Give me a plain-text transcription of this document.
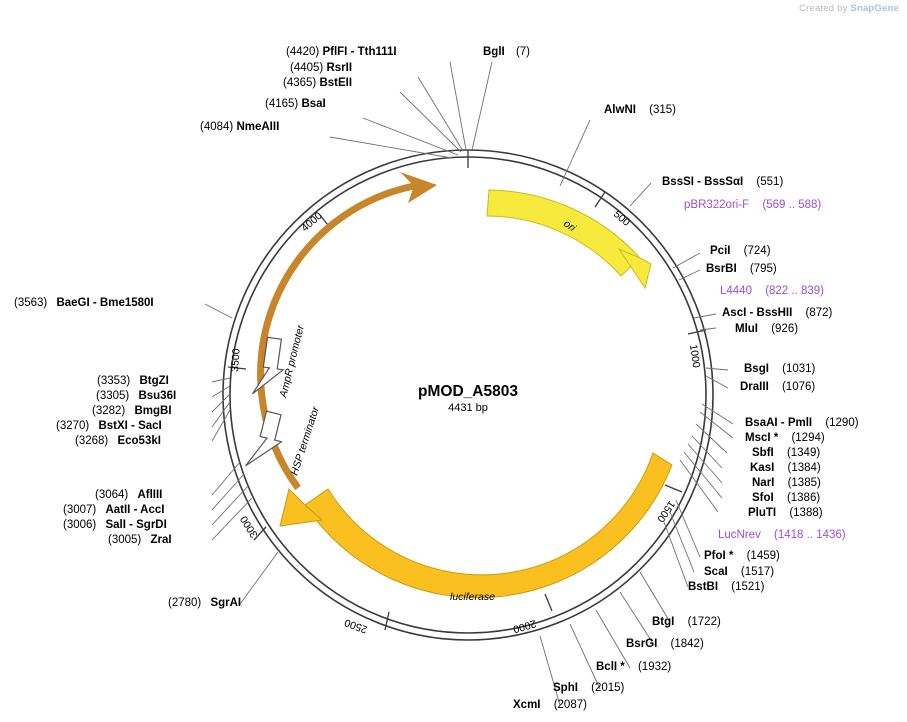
Created by SnapGene
500
1000
1500
2000
2500
3000
3500
4000	ori
luciferase
AmpR promoter
HSP terminator
pMOD_A5803
4431 bp
(4420) PflFI - Tth111I
(4405) RsrII
(4365) BstEII
(4165) BsaI
(4084) NmeAIII
BglI (7)
AlwNI (315)
BssSI - BssSαI (551)
pBR322ori-F (569 .. 588)
PciI (724)
BsrBI (795)
L4440 (822 .. 839)
AscI - BssHII (872)
MluI (926)
BsgI (1031)
DraIII (1076)
BsaAI - PmlI (1290)
MscI * (1294)
SbfI (1349)
KasI (1384)
NarI (1385)
SfoI (1386)
PluTI (1388)
LucNrev (1418 .. 1436)
PfoI * (1459)
ScaI (1517)
BstBI (1521)
BtgI (1722)
BsrGI (1842)
BclI * (1932)
SphI (2015)
XcmI (2087)
(3563) BaeGI - Bme1580I
(3353) BtgZI
(3305) Bsu36I
(3282) BmgBI
(3270) BstXI - SacI
(3268) Eco53kI
(3064) AflIII
(3007) AatII - AccI
(3006) SalI - SgrDI
(3005) ZraI
(2780) SgrAI
